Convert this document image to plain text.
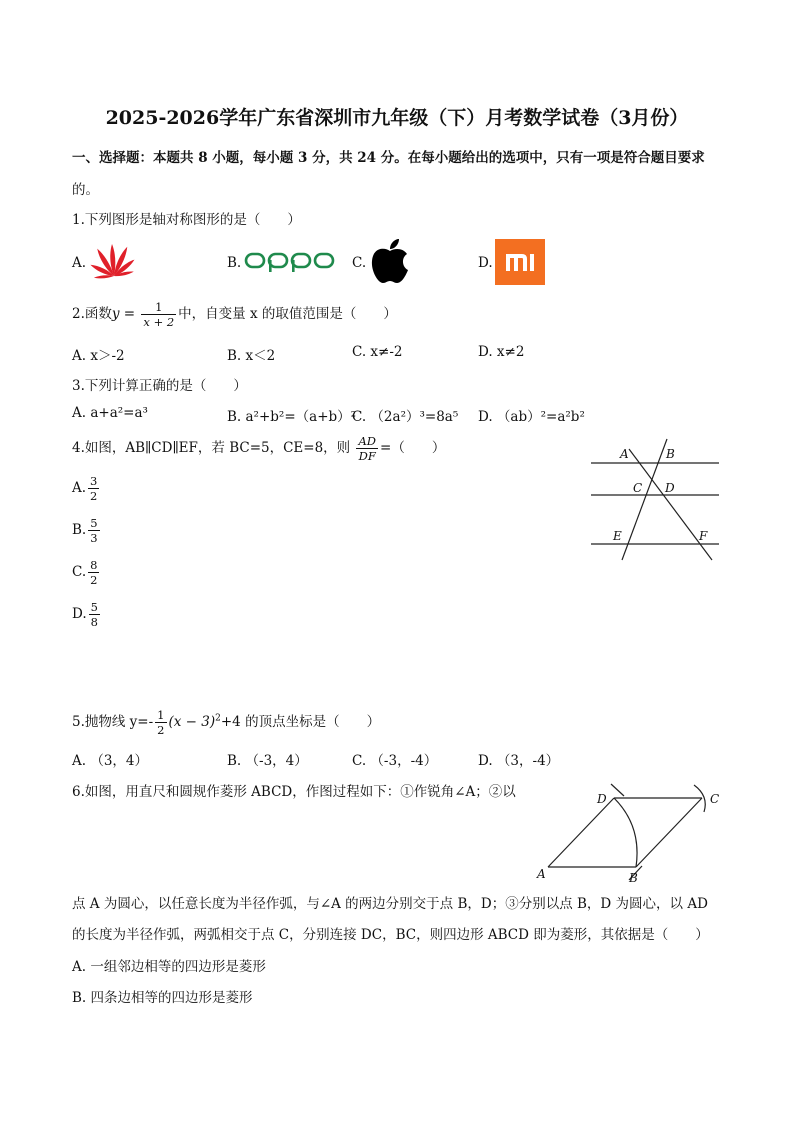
2025-2026学年广东省深圳市九年级（下）月考数学试卷（3月份）
一、选择题：本题共 8 小题，每小题 3 分，共 24 分。在每小题给出的选项中，只有一项是符合题目要求
的。
1.下列图形是轴对称图形的是（　　）
A.	B.	C.	D.
2.函数$y = \frac{1}{x + 2}$ 中，自变量 x 的取值范围是（　　）
A. x＞-2	B. x＜2	C. x≠-2	D. x≠2
3.下列计算正确的是（　　）
A. a+a²=a³	B. a²+b²=（a+b）²
C. （2a²）³=8a⁵ D. （ab）²=a²b²
4.如图，AB∥CD∥EF，若 BC=5，CE=8，则 $\frac{AD}{DF}$ =（　　）
A. $\frac{3}{2}$
B. $\frac{5}{3}$
C. $\frac{8}{2}$
D. $\frac{5}{8}$
A	B
C D
E	F
5.抛物线 $y=- \frac{1}{2} (x - 3)^2+4$ 的顶点坐标是（　　）
A. （3，4）	B. （-3，4）	C. （-3，-4）	D. （3，-4）
6.如图，用直尺和圆规作菱形 ABCD，作图过程如下：①作锐角∠A；②以
A	B
C
D
点 A 为圆心，以任意长度为半径作弧，与∠A 的两边分别交于点 B，D；③分别以点 B，D 为圆心，以 AD
的长度为半径作弧，两弧相交于点 C，分别连接 DC，BC，则四边形 ABCD 即为菱形，其依据是（　　）
A. 一组邻边相等的四边形是菱形
B. 四条边相等的四边形是菱形
